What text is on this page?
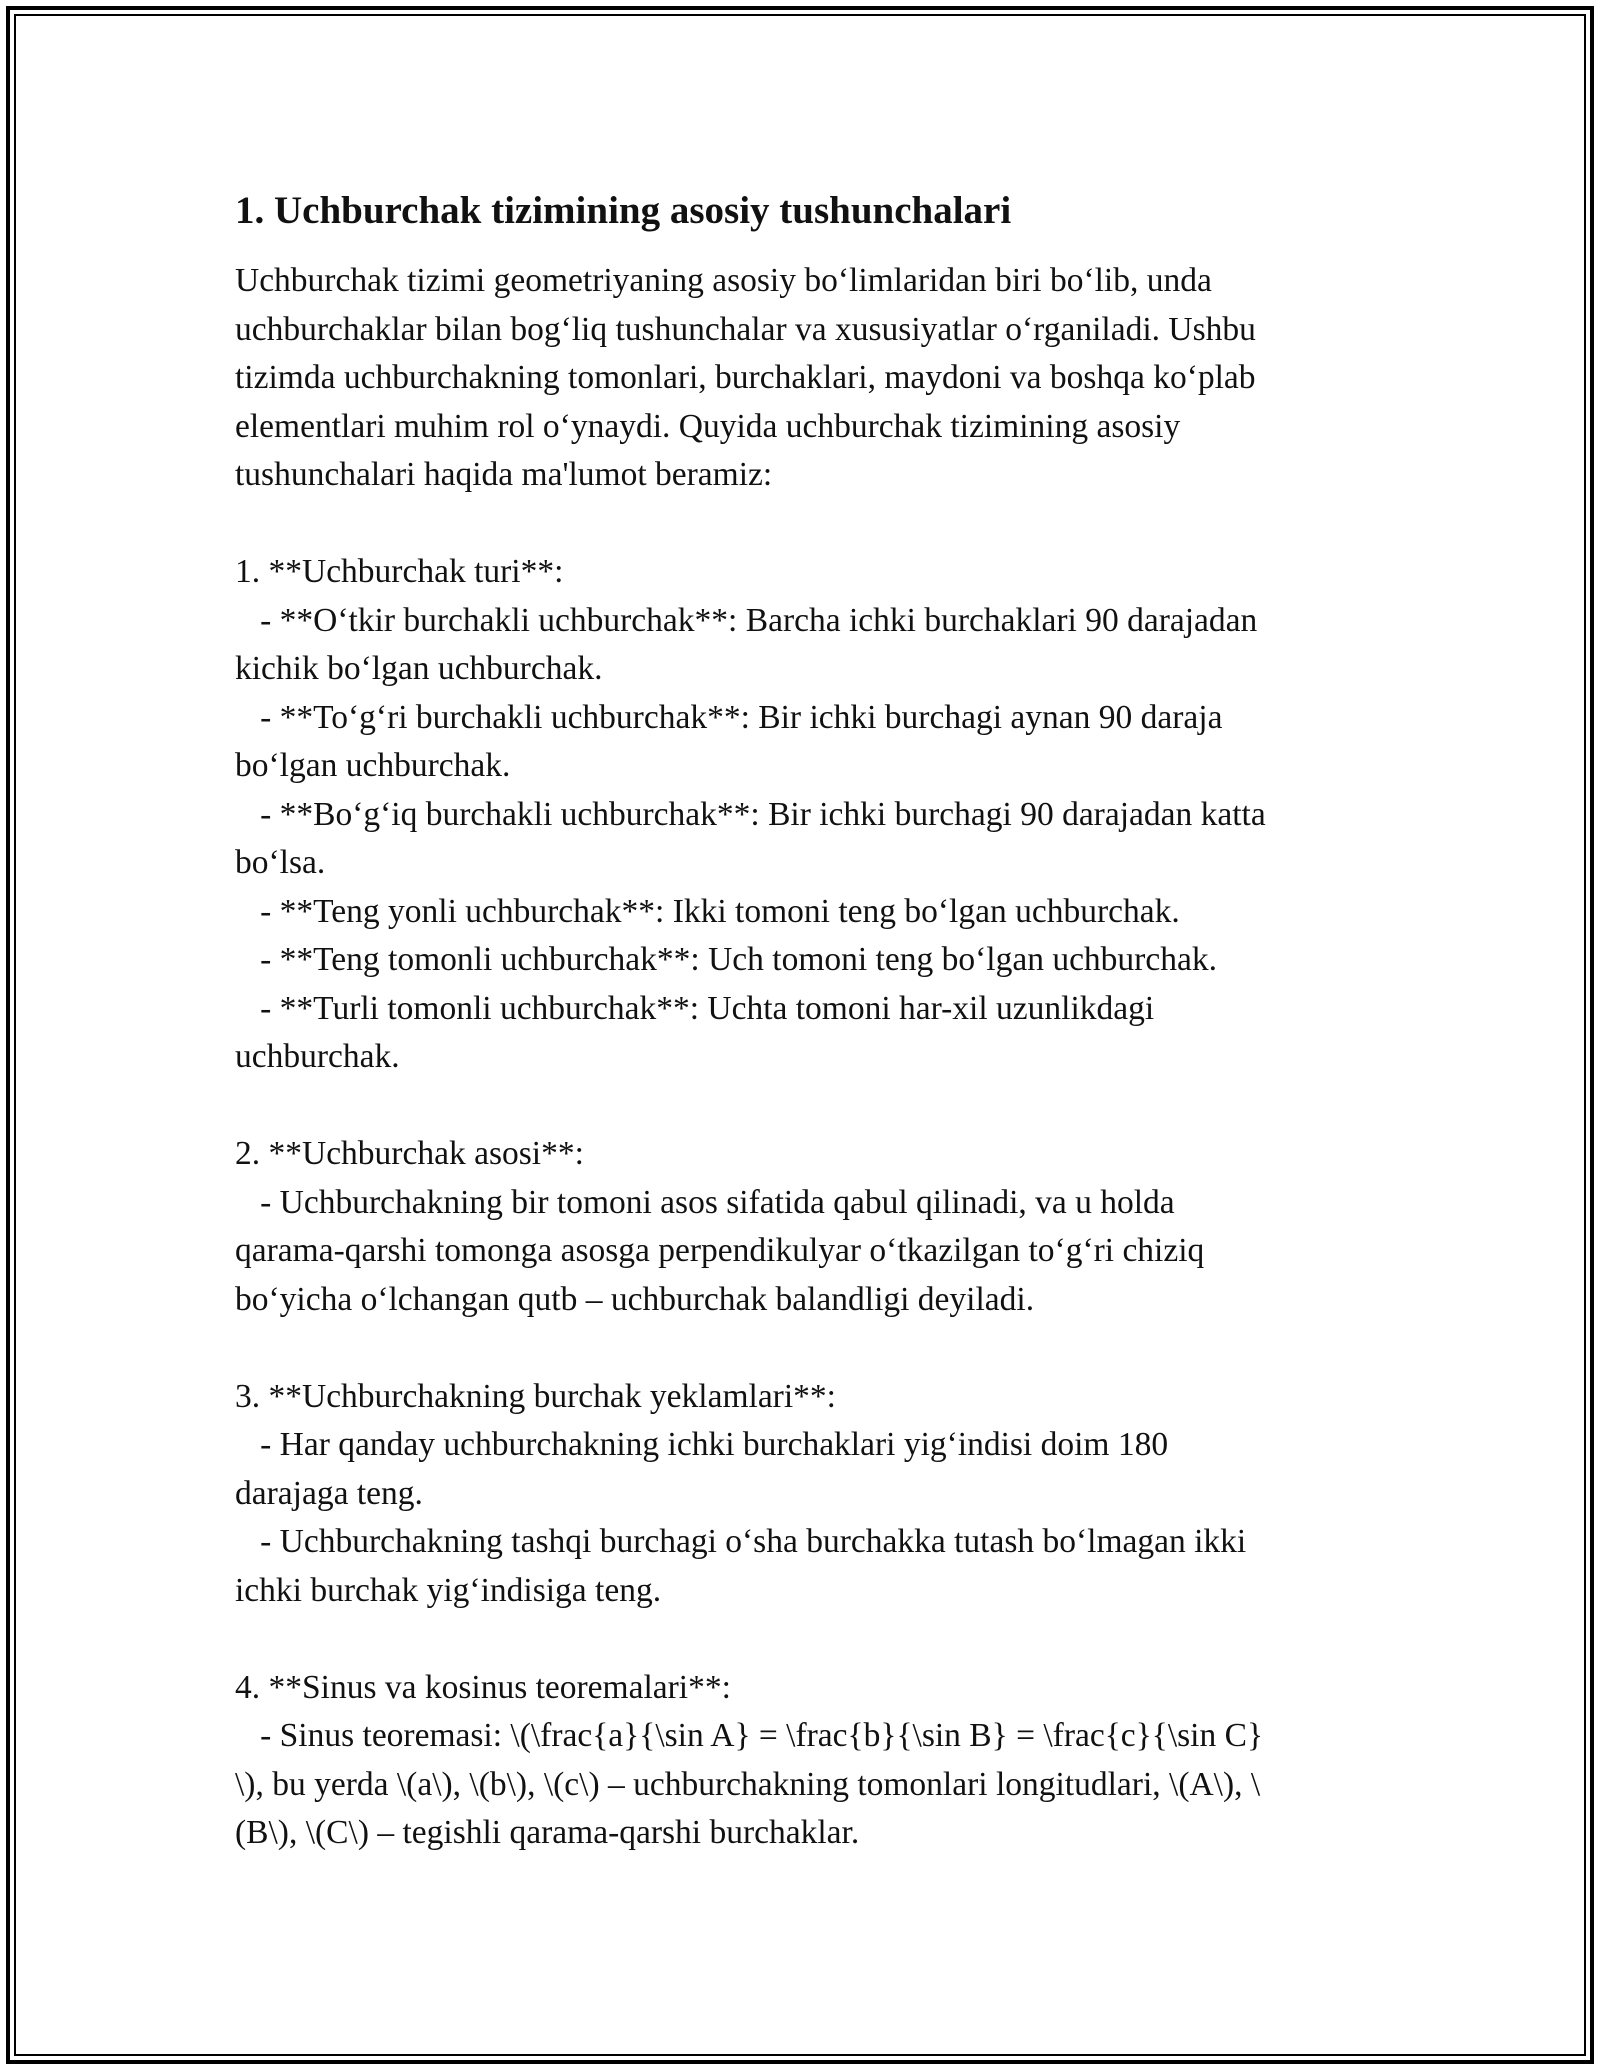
1. Uchburchak tizimining asosiy tushunchalari

Uchburchak tizimi geometriyaning asosiy bo‘limlaridan biri bo‘lib, unda

uchburchaklar bilan bog‘liq tushunchalar va xususiyatlar o‘rganiladi. Ushbu

tizimda uchburchakning tomonlari, burchaklari, maydoni va boshqa ko‘plab

elementlari muhim rol o‘ynaydi. Quyida uchburchak tizimining asosiy

tushunchalari haqida ma'lumot beramiz:

1. **Uchburchak turi**:

- **O‘tkir burchakli uchburchak**: Barcha ichki burchaklari 90 darajadan

kichik bo‘lgan uchburchak.

- **To‘g‘ri burchakli uchburchak**: Bir ichki burchagi aynan 90 daraja

bo‘lgan uchburchak.

- **Bo‘g‘iq burchakli uchburchak**: Bir ichki burchagi 90 darajadan katta

bo‘lsa.

- **Teng yonli uchburchak**: Ikki tomoni teng bo‘lgan uchburchak.

- **Teng tomonli uchburchak**: Uch tomoni teng bo‘lgan uchburchak.

- **Turli tomonli uchburchak**: Uchta tomoni har-xil uzunlikdagi

uchburchak.

2. **Uchburchak asosi**:

- Uchburchakning bir tomoni asos sifatida qabul qilinadi, va u holda

qarama-qarshi tomonga asosga perpendikulyar o‘tkazilgan to‘g‘ri chiziq

bo‘yicha o‘lchangan qutb – uchburchak balandligi deyiladi.

3. **Uchburchakning burchak yeklamlari**:

- Har qanday uchburchakning ichki burchaklari yig‘indisi doim 180

darajaga teng.

- Uchburchakning tashqi burchagi o‘sha burchakka tutash bo‘lmagan ikki

ichki burchak yig‘indisiga teng.

4. **Sinus va kosinus teoremalari**:

- Sinus teoremasi: \(\frac{a}{\sin A} = \frac{b}{\sin B} = \frac{c}{\sin C}

\), bu yerda \(a\), \(b\), \(c\) – uchburchakning tomonlari longitudlari, \(A\), \

(B\), \(C\) – tegishli qarama-qarshi burchaklar.
